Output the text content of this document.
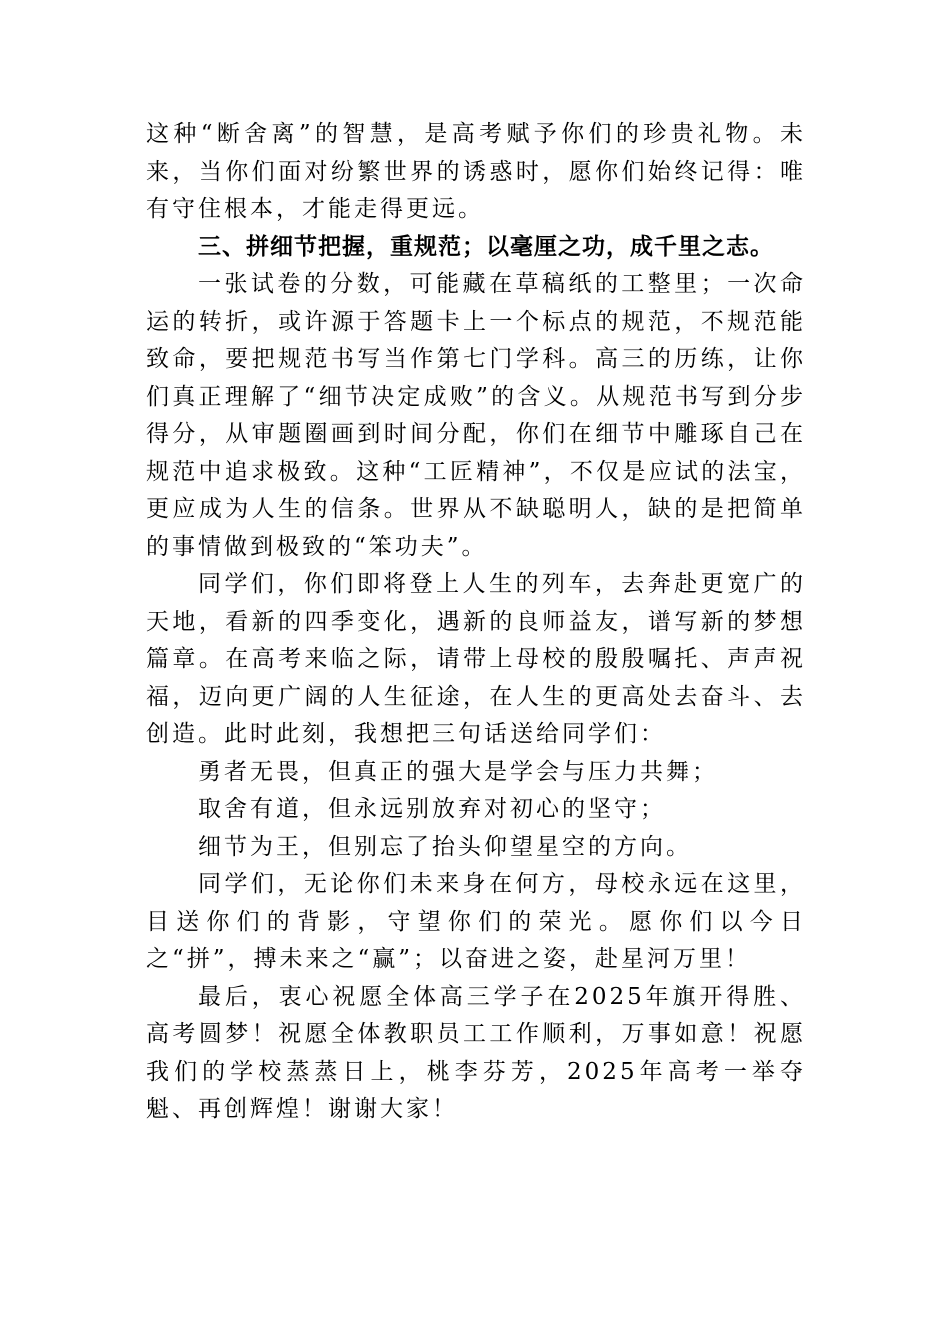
这种“断舍离”的智慧，是高考赋予你们的珍贵礼物。未来，当你们面对纷繁世界的诱惑时，愿你们始终记得：唯有守住根本，才能走得更远。

三、拼细节把握，重规范；以毫厘之功，成千里之志。

一张试卷的分数，可能藏在草稿纸的工整里；一次命运的转折，或许源于答题卡上一个标点的规范，不规范能致命，要把规范书写当作第七门学科。高三的历练，让你们真正理解了“细节决定成败”的含义。从规范书写到分步得分，从审题圈画到时间分配，你们在细节中雕琢自己在规范中追求极致。这种“工匠精神”，不仅是应试的法宝，更应成为人生的信条。世界从不缺聪明人，缺的是把简单的事情做到极致的“笨功夫”。

同学们，你们即将登上人生的列车，去奔赴更宽广的天地，看新的四季变化，遇新的良师益友，谱写新的梦想篇章。在高考来临之际，请带上母校的殷殷嘱托、声声祝福，迈向更广阔的人生征途，在人生的更高处去奋斗、去创造。此时此刻，我想把三句话送给同学们：

勇者无畏，但真正的强大是学会与压力共舞；

取舍有道，但永远别放弃对初心的坚守；

细节为王，但别忘了抬头仰望星空的方向。

同学们，无论你们未来身在何方，母校永远在这里，目送你们的背影，守望你们的荣光。愿你们以今日之“拼”，搏未来之“赢”；以奋进之姿，赴星河万里！

最后，衷心祝愿全体高三学子在2025年旗开得胜、高考圆梦！祝愿全体教职员工工作顺利，万事如意！祝愿我们的学校蒸蒸日上，桃李芬芳，2025年高考一举夺魁、再创辉煌！谢谢大家！
